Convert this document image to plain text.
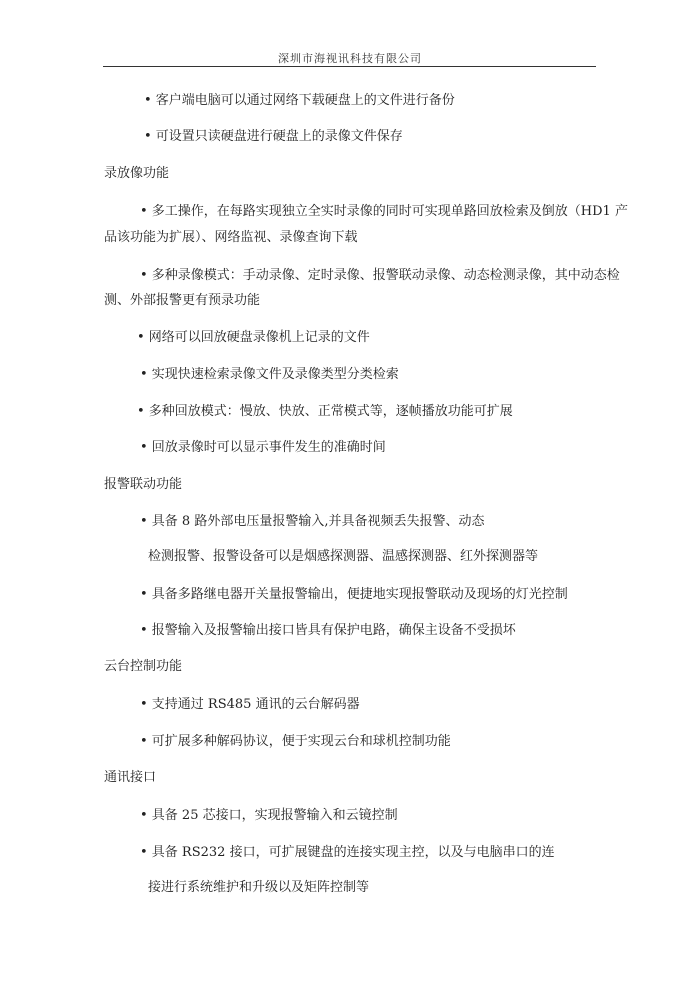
深圳市海视讯科技有限公司
• 客户端电脑可以通过网络下载硬盘上的文件进行备份
• 可设置只读硬盘进行硬盘上的录像文件保存
录放像功能
• 多工操作，在每路实现独立全实时录像的同时可实现单路回放检索及倒放（HD1 产
品该功能为扩展）、网络监视、录像查询下载
• 多种录像模式：手动录像、定时录像、报警联动录像、动态检测录像，其中动态检
测、外部报警更有预录功能
• 网络可以回放硬盘录像机上记录的文件
• 实现快速检索录像文件及录像类型分类检索
• 多种回放模式：慢放、快放、正常模式等，逐帧播放功能可扩展
• 回放录像时可以显示事件发生的准确时间
报警联动功能
• 具备 8 路外部电压量报警输入,并具备视频丢失报警、动态
检测报警、报警设备可以是烟感探测器、温感探测器、红外探测器等
• 具备多路继电器开关量报警输出，便捷地实现报警联动及现场的灯光控制
• 报警输入及报警输出接口皆具有保护电路，确保主设备不受损坏
云台控制功能
• 支持通过 RS485 通讯的云台解码器
• 可扩展多种解码协议，便于实现云台和球机控制功能
通讯接口
• 具备 25 芯接口，实现报警输入和云镜控制
• 具备 RS232 接口，可扩展键盘的连接实现主控，以及与电脑串口的连
接进行系统维护和升级以及矩阵控制等
